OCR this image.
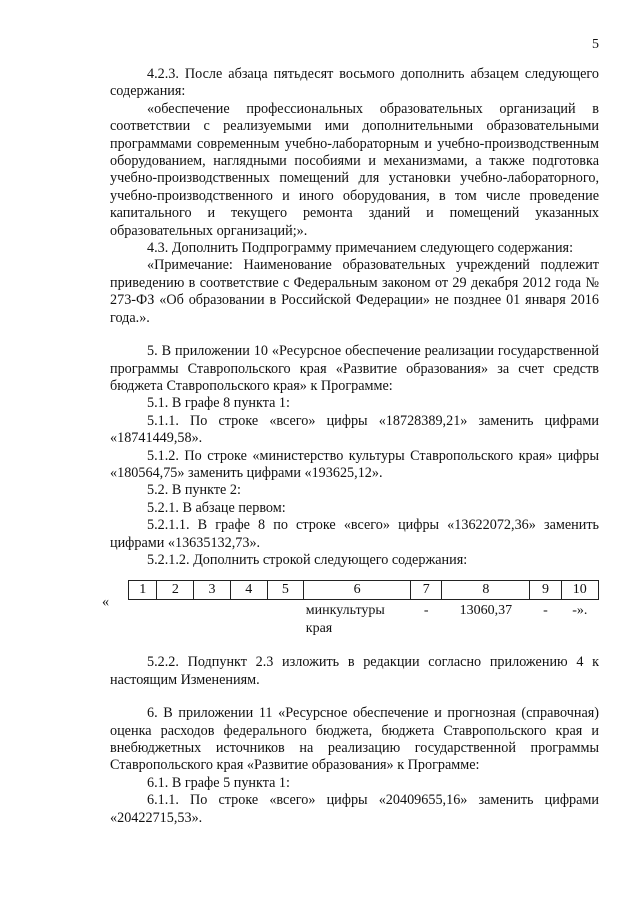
5

4.2.3. После абзаца пятьдесят восьмого дополнить абзацем следующего содержания:

«обеспечение профессиональных образовательных организаций в соответствии с реализуемыми ими дополнительными образовательными программами современным учебно-лабораторным и учебно-производственным оборудованием, наглядными пособиями и механизмами, а также подготовка учебно-производственных помещений для установки учебно-лабораторного, учебно-производственного и иного оборудования, в том числе проведение капитального и текущего ремонта зданий и помещений указанных образовательных организаций;».

4.3. Дополнить Подпрограмму примечанием следующего содержания:

«Примечание: Наименование образовательных учреждений подлежит приведению в соответствие с Федеральным законом от 29 декабря 2012 года № 273-ФЗ «Об образовании в Российской Федерации» не позднее 01 января 2016 года.».

5. В приложении 10 «Ресурсное обеспечение реализации государственной программы Ставропольского края «Развитие образования» за счет средств бюджета Ставропольского края» к Программе:

5.1. В графе 8 пункта 1:

5.1.1. По строке «всего» цифры «18728389,21» заменить цифрами «18741449,58».

5.1.2. По строке «министерство культуры Ставропольского края» цифры «180564,75» заменить цифрами «193625,12».

5.2. В пункте 2:

5.2.1. В абзаце первом:

5.2.1.1. В графе 8 по строке «всего» цифры «13622072,36» заменить цифрами «13635132,73».

5.2.1.2. Дополнить строкой следующего содержания:

«
1	2	3	4	5	6	7	8	9	10
					минкультуры края	-	13060,37	-	-».

5.2.2. Подпункт 2.3 изложить в редакции согласно приложению 4 к настоящим Изменениям.

6. В приложении 11 «Ресурсное обеспечение и прогнозная (справочная) оценка расходов федерального бюджета, бюджета Ставропольского края и внебюджетных источников на реализацию государственной программы Ставропольского края «Развитие образования» к Программе:

6.1. В графе 5 пункта 1:

6.1.1. По строке «всего» цифры «20409655,16» заменить цифрами «20422715,53».
